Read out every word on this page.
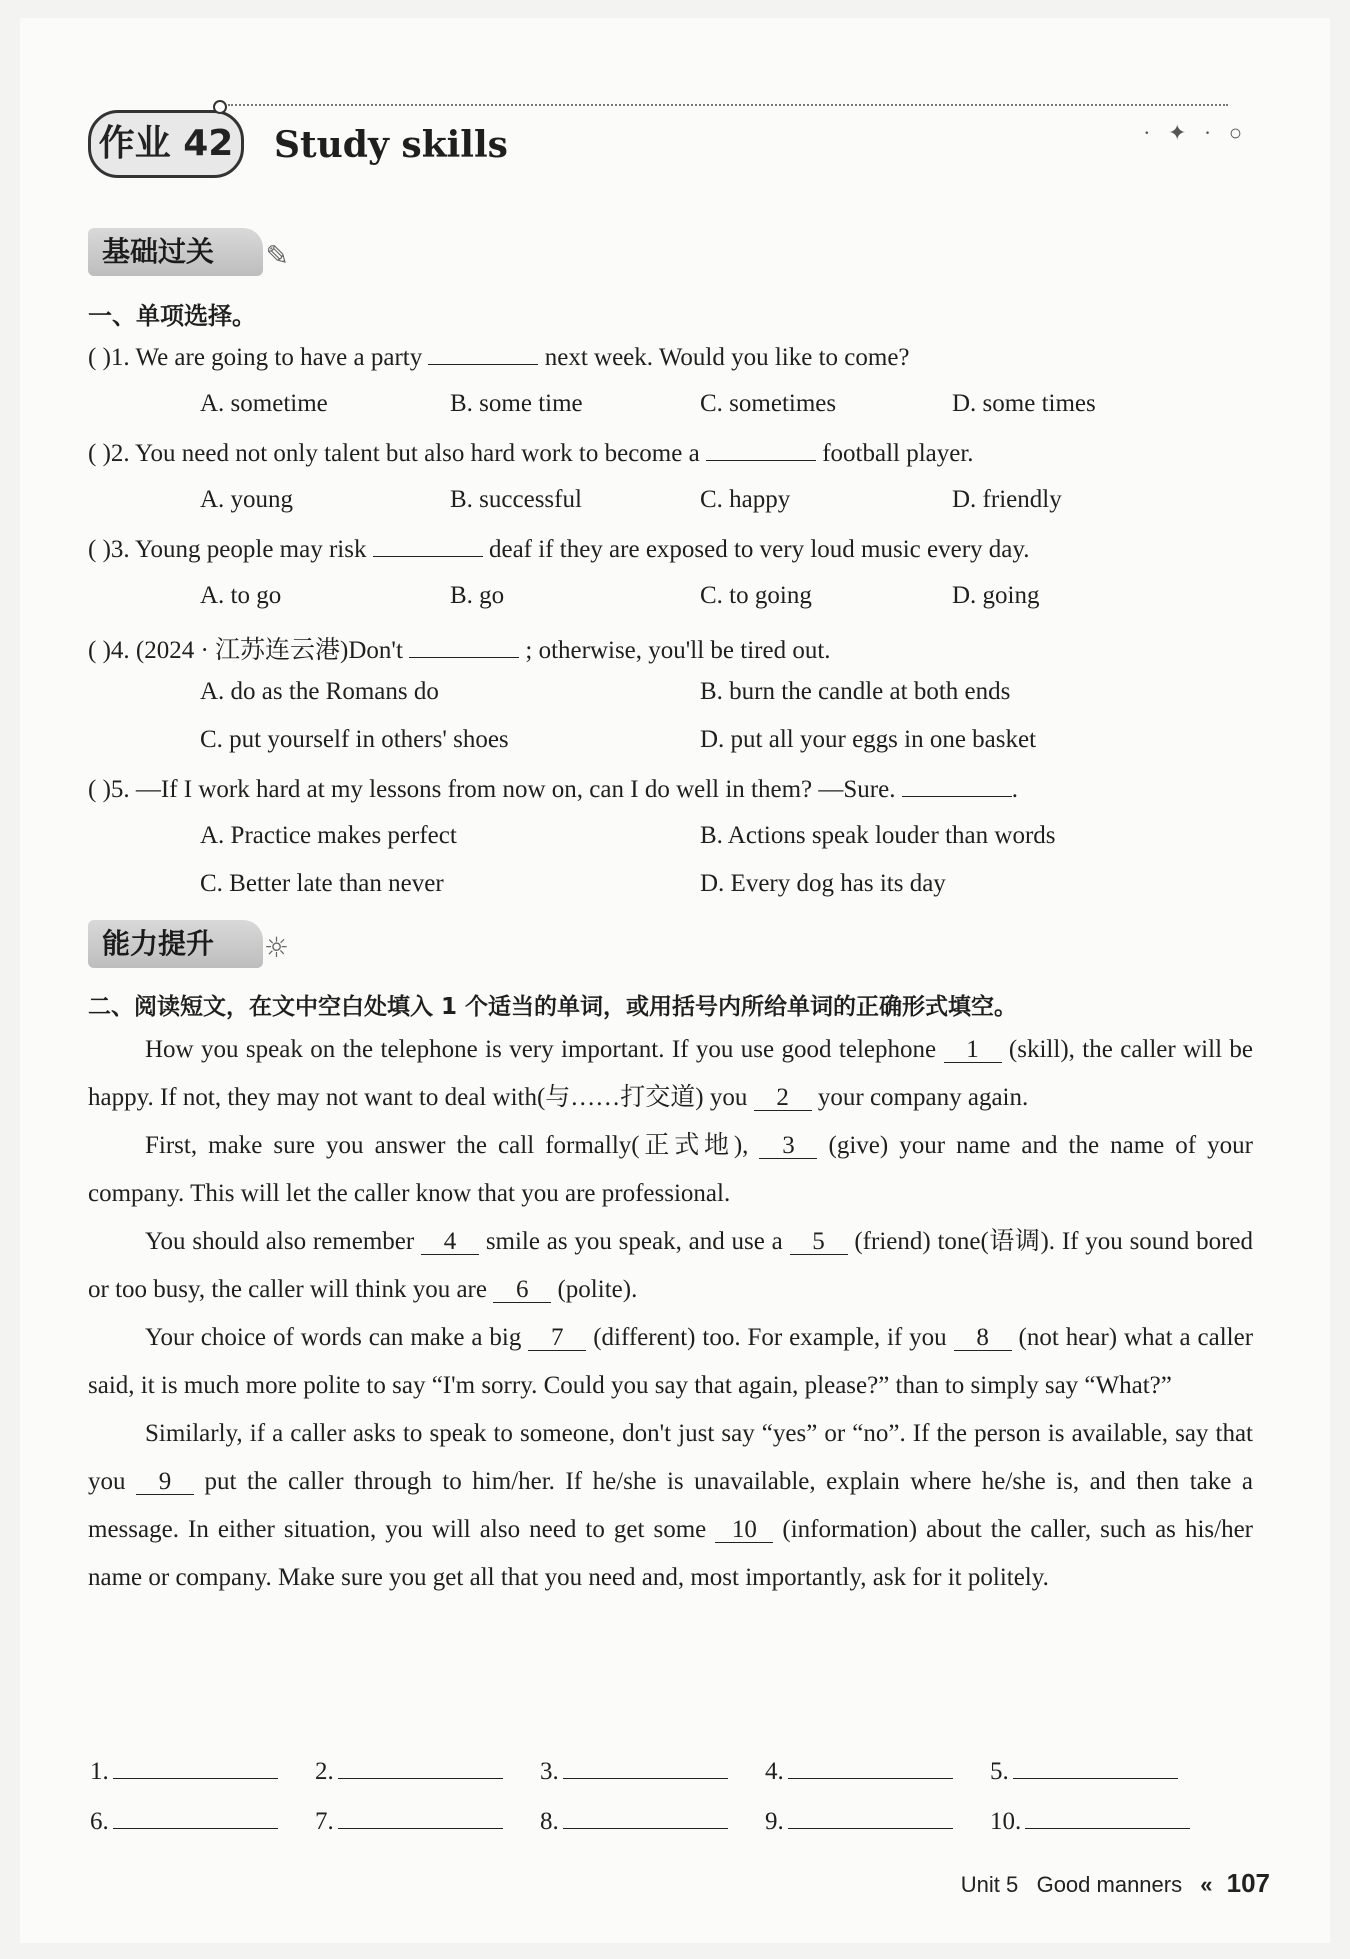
作业 42 Study skills	· ✦ · ○
基础过关 ✎
一、单项选择。
( )1. We are going to have a party	next week. Would you like to come?
A. sometime	B. some time	C. sometimes	D. some times
( )2. You need not only talent but also hard work to become a	football player.
A. young	B. successful	C. happy	D. friendly
( )3. Young people may risk	deaf if they are exposed to very loud music every day.
A. to go	B. go	C. to going	D. going
( )4. (2024 · 江苏连云港)Don't	; otherwise, you'll be tired out.
A. do as the Romans do	B. burn the candle at both ends
C. put yourself in others' shoes	D. put all your eggs in one basket
( )5. —If I work hard at my lessons from now on, can I do well in them? —Sure.	.
A. Practice makes perfect	B. Actions speak louder than words
C. Better late than never	D. Every dog has its day
能力提升 ☼
二、阅读短文，在文中空白处填入 1 个适当的单词，或用括号内所给单词的正确形式填空。

How you speak on the telephone is very important. If you use good telephone 1 (skill), the caller will be happy. If not, they may not want to deal with(与……打交道) you 2 your company again.

First, make sure you answer the call formally(正式地), 3 (give) your name and the name of your company. This will let the caller know that you are professional.

You should also remember 4 smile as you speak, and use a 5 (friend) tone(语调). If you sound bored or too busy, the caller will think you are 6 (polite).

Your choice of words can make a big 7 (different) too. For example, if you 8 (not hear) what a caller said, it is much more polite to say “I'm sorry. Could you say that again, please?” than to simply say “What?”

Similarly, if a caller asks to speak to someone, don't just say “yes” or “no”. If the person is available, say that you 9 put the caller through to him/her. If he/she is unavailable, explain where he/she is, and then take a message. In either situation, you will also need to get some 10 (information) about the caller, such as his/her name or company. Make sure you get all that you need and, most importantly, ask for it politely.

1.	2.	3.	4.	5.
6.	7.	8.	9.	10.
Unit 5 Good manners « 107
